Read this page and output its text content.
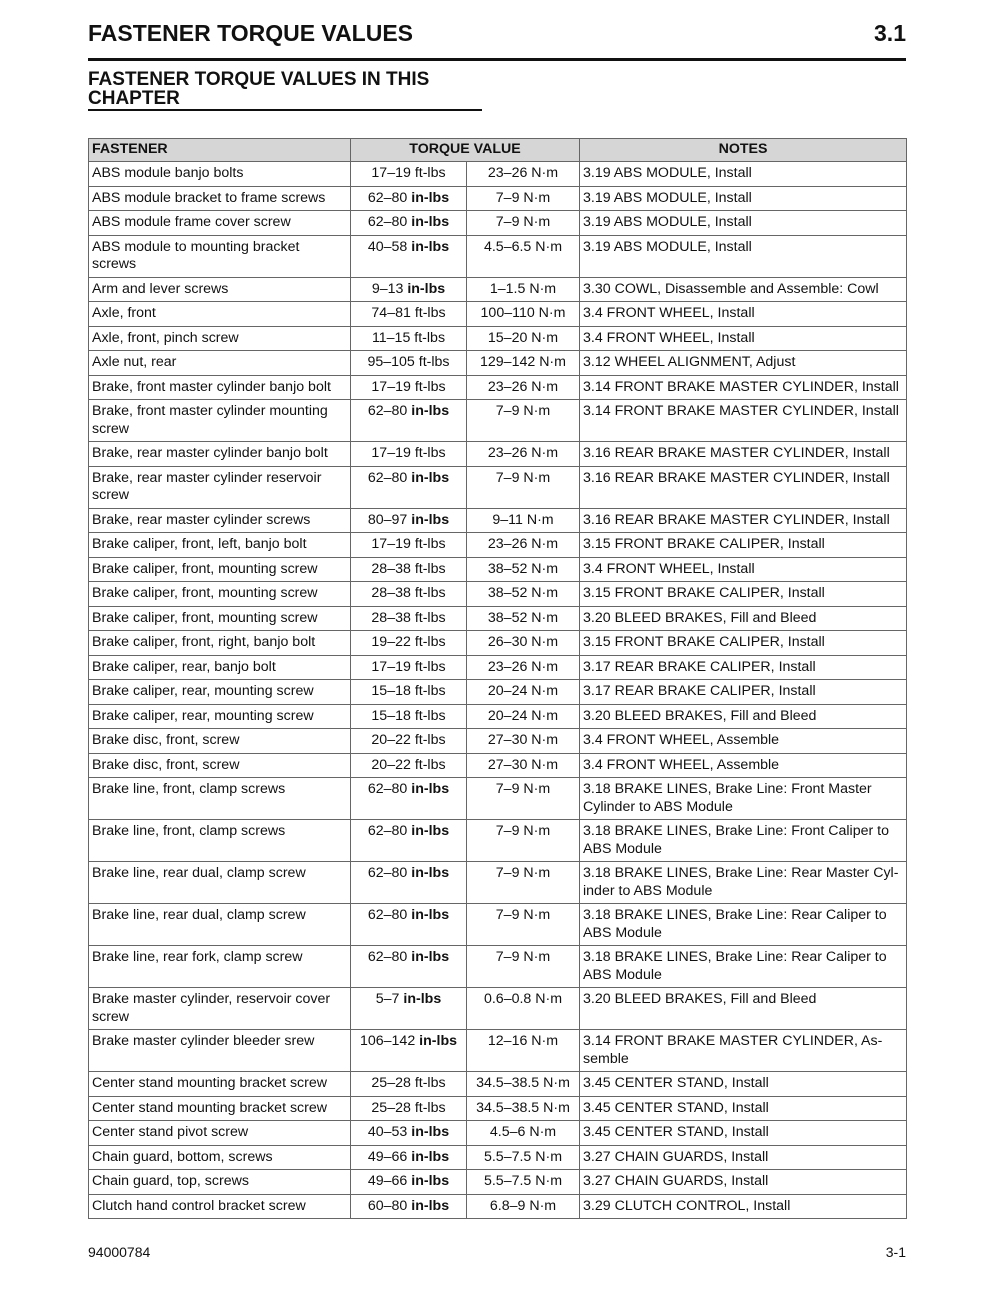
FASTENER TORQUE VALUES	3.1
FASTENER TORQUE VALUES IN THIS
CHAPTER
FASTENER	TORQUE VALUE		NOTES
ABS module banjo bolts	17–19 ft-lbs	23–26 N·m	3.19 ABS MODULE, Install
ABS module bracket to frame screws	62–80 in-lbs	7–9 N·m	3.19 ABS MODULE, Install
ABS module frame cover screw	62–80 in-lbs	7–9 N·m	3.19 ABS MODULE, Install
ABS module to mounting bracket screws	40–58 in-lbs	4.5–6.5 N·m	3.19 ABS MODULE, Install
Arm and lever screws	9–13 in-lbs	1–1.5 N·m	3.30 COWL, Disassemble and Assemble: Cowl
Axle, front	74–81 ft-lbs	100–110 N·m	3.4 FRONT WHEEL, Install
Axle, front, pinch screw	11–15 ft-lbs	15–20 N·m	3.4 FRONT WHEEL, Install
Axle nut, rear	95–105 ft-lbs	129–142 N·m	3.12 WHEEL ALIGNMENT, Adjust
Brake, front master cylinder banjo bolt	17–19 ft-lbs	23–26 N·m	3.14 FRONT BRAKE MASTER CYLINDER, Install
Brake, front master cylinder mounting screw	62–80 in-lbs	7–9 N·m	3.14 FRONT BRAKE MASTER CYLINDER, Install
Brake, rear master cylinder banjo bolt	17–19 ft-lbs	23–26 N·m	3.16 REAR BRAKE MASTER CYLINDER, Install
Brake, rear master cylinder reservoir screw	62–80 in-lbs	7–9 N·m	3.16 REAR BRAKE MASTER CYLINDER, Install
Brake, rear master cylinder screws	80–97 in-lbs	9–11 N·m	3.16 REAR BRAKE MASTER CYLINDER, Install
Brake caliper, front, left, banjo bolt	17–19 ft-lbs	23–26 N·m	3.15 FRONT BRAKE CALIPER, Install
Brake caliper, front, mounting screw	28–38 ft-lbs	38–52 N·m	3.4 FRONT WHEEL, Install
Brake caliper, front, mounting screw	28–38 ft-lbs	38–52 N·m	3.15 FRONT BRAKE CALIPER, Install
Brake caliper, front, mounting screw	28–38 ft-lbs	38–52 N·m	3.20 BLEED BRAKES, Fill and Bleed
Brake caliper, front, right, banjo bolt	19–22 ft-lbs	26–30 N·m	3.15 FRONT BRAKE CALIPER, Install
Brake caliper, rear, banjo bolt	17–19 ft-lbs	23–26 N·m	3.17 REAR BRAKE CALIPER, Install
Brake caliper, rear, mounting screw	15–18 ft-lbs	20–24 N·m	3.17 REAR BRAKE CALIPER, Install
Brake caliper, rear, mounting screw	15–18 ft-lbs	20–24 N·m	3.20 BLEED BRAKES, Fill and Bleed
Brake disc, front, screw	20–22 ft-lbs	27–30 N·m	3.4 FRONT WHEEL, Assemble
Brake disc, front, screw	20–22 ft-lbs	27–30 N·m	3.4 FRONT WHEEL, Assemble
Brake line, front, clamp screws	62–80 in-lbs	7–9 N·m	3.18 BRAKE LINES, Brake Line: Front Master Cylinder to ABS Module
Brake line, front, clamp screws	62–80 in-lbs	7–9 N·m	3.18 BRAKE LINES, Brake Line: Front Caliper to ABS Module
Brake line, rear dual, clamp screw	62–80 in-lbs	7–9 N·m	3.18 BRAKE LINES, Brake Line: Rear Master Cyl-inder to ABS Module
Brake line, rear dual, clamp screw	62–80 in-lbs	7–9 N·m	3.18 BRAKE LINES, Brake Line: Rear Caliper to ABS Module
Brake line, rear fork, clamp screw	62–80 in-lbs	7–9 N·m	3.18 BRAKE LINES, Brake Line: Rear Caliper to ABS Module
Brake master cylinder, reservoir cover screw	5–7 in-lbs	0.6–0.8 N·m	3.20 BLEED BRAKES, Fill and Bleed
Brake master cylinder bleeder srew	106–142 in-lbs	12–16 N·m	3.14 FRONT BRAKE MASTER CYLINDER, As-semble
Center stand mounting bracket screw	25–28 ft-lbs	34.5–38.5 N·m	3.45 CENTER STAND, Install
Center stand mounting bracket screw	25–28 ft-lbs	34.5–38.5 N·m	3.45 CENTER STAND, Install
Center stand pivot screw	40–53 in-lbs	4.5–6 N·m	3.45 CENTER STAND, Install
Chain guard, bottom, screws	49–66 in-lbs	5.5–7.5 N·m	3.27 CHAIN GUARDS, Install
Chain guard, top, screws	49–66 in-lbs	5.5–7.5 N·m	3.27 CHAIN GUARDS, Install
Clutch hand control bracket screw	60–80 in-lbs	6.8–9 N·m	3.29 CLUTCH CONTROL, Install
94000784	3-1
